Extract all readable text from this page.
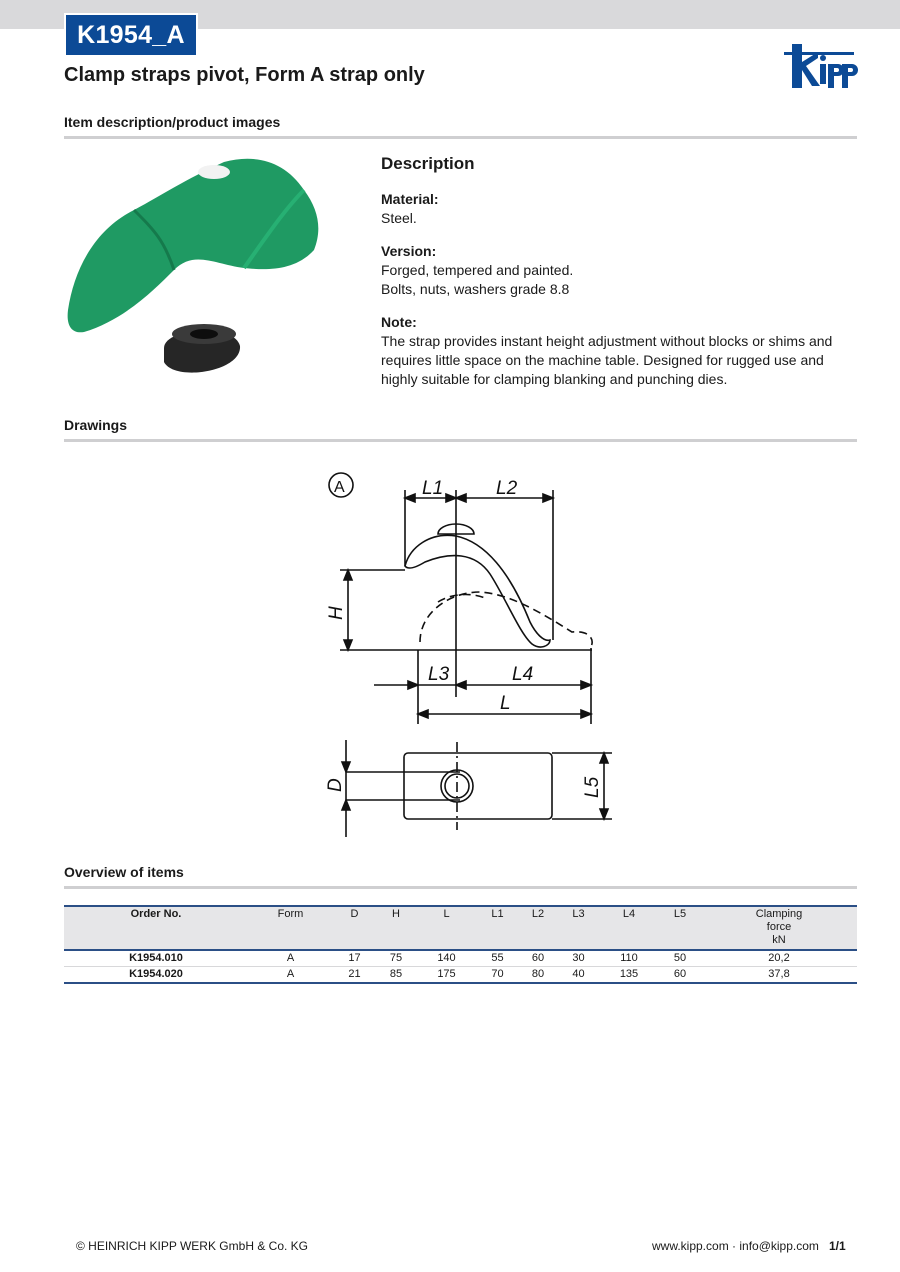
K1954_A
Clamp straps pivot, Form A strap only
Item description/product images
Description
Material:
Steel.
Version:
Forged, tempered and painted.
Bolts, nuts, washers grade 8.8
Note:
The strap provides instant height adjustment without blocks or shims and requires little space on the machine table. Designed for rugged use and highly suitable for clamping blanking and punching dies.
Drawings
A	L1	L2
H
L3	L4
L
D	L5
Overview of items
Order No.	Form	D	H	L	L1	L2	L3	L4	L5	Clamping
force
kN

K1954.010	A	17	75	140	55	60	30	110	50	20,2
K1954.020	A	21	85	175	70	80	40	135	60	37,8
© HEINRICH KIPP WERK GmbH & Co. KG	www.kipp.com · info@kipp.com 1/1
